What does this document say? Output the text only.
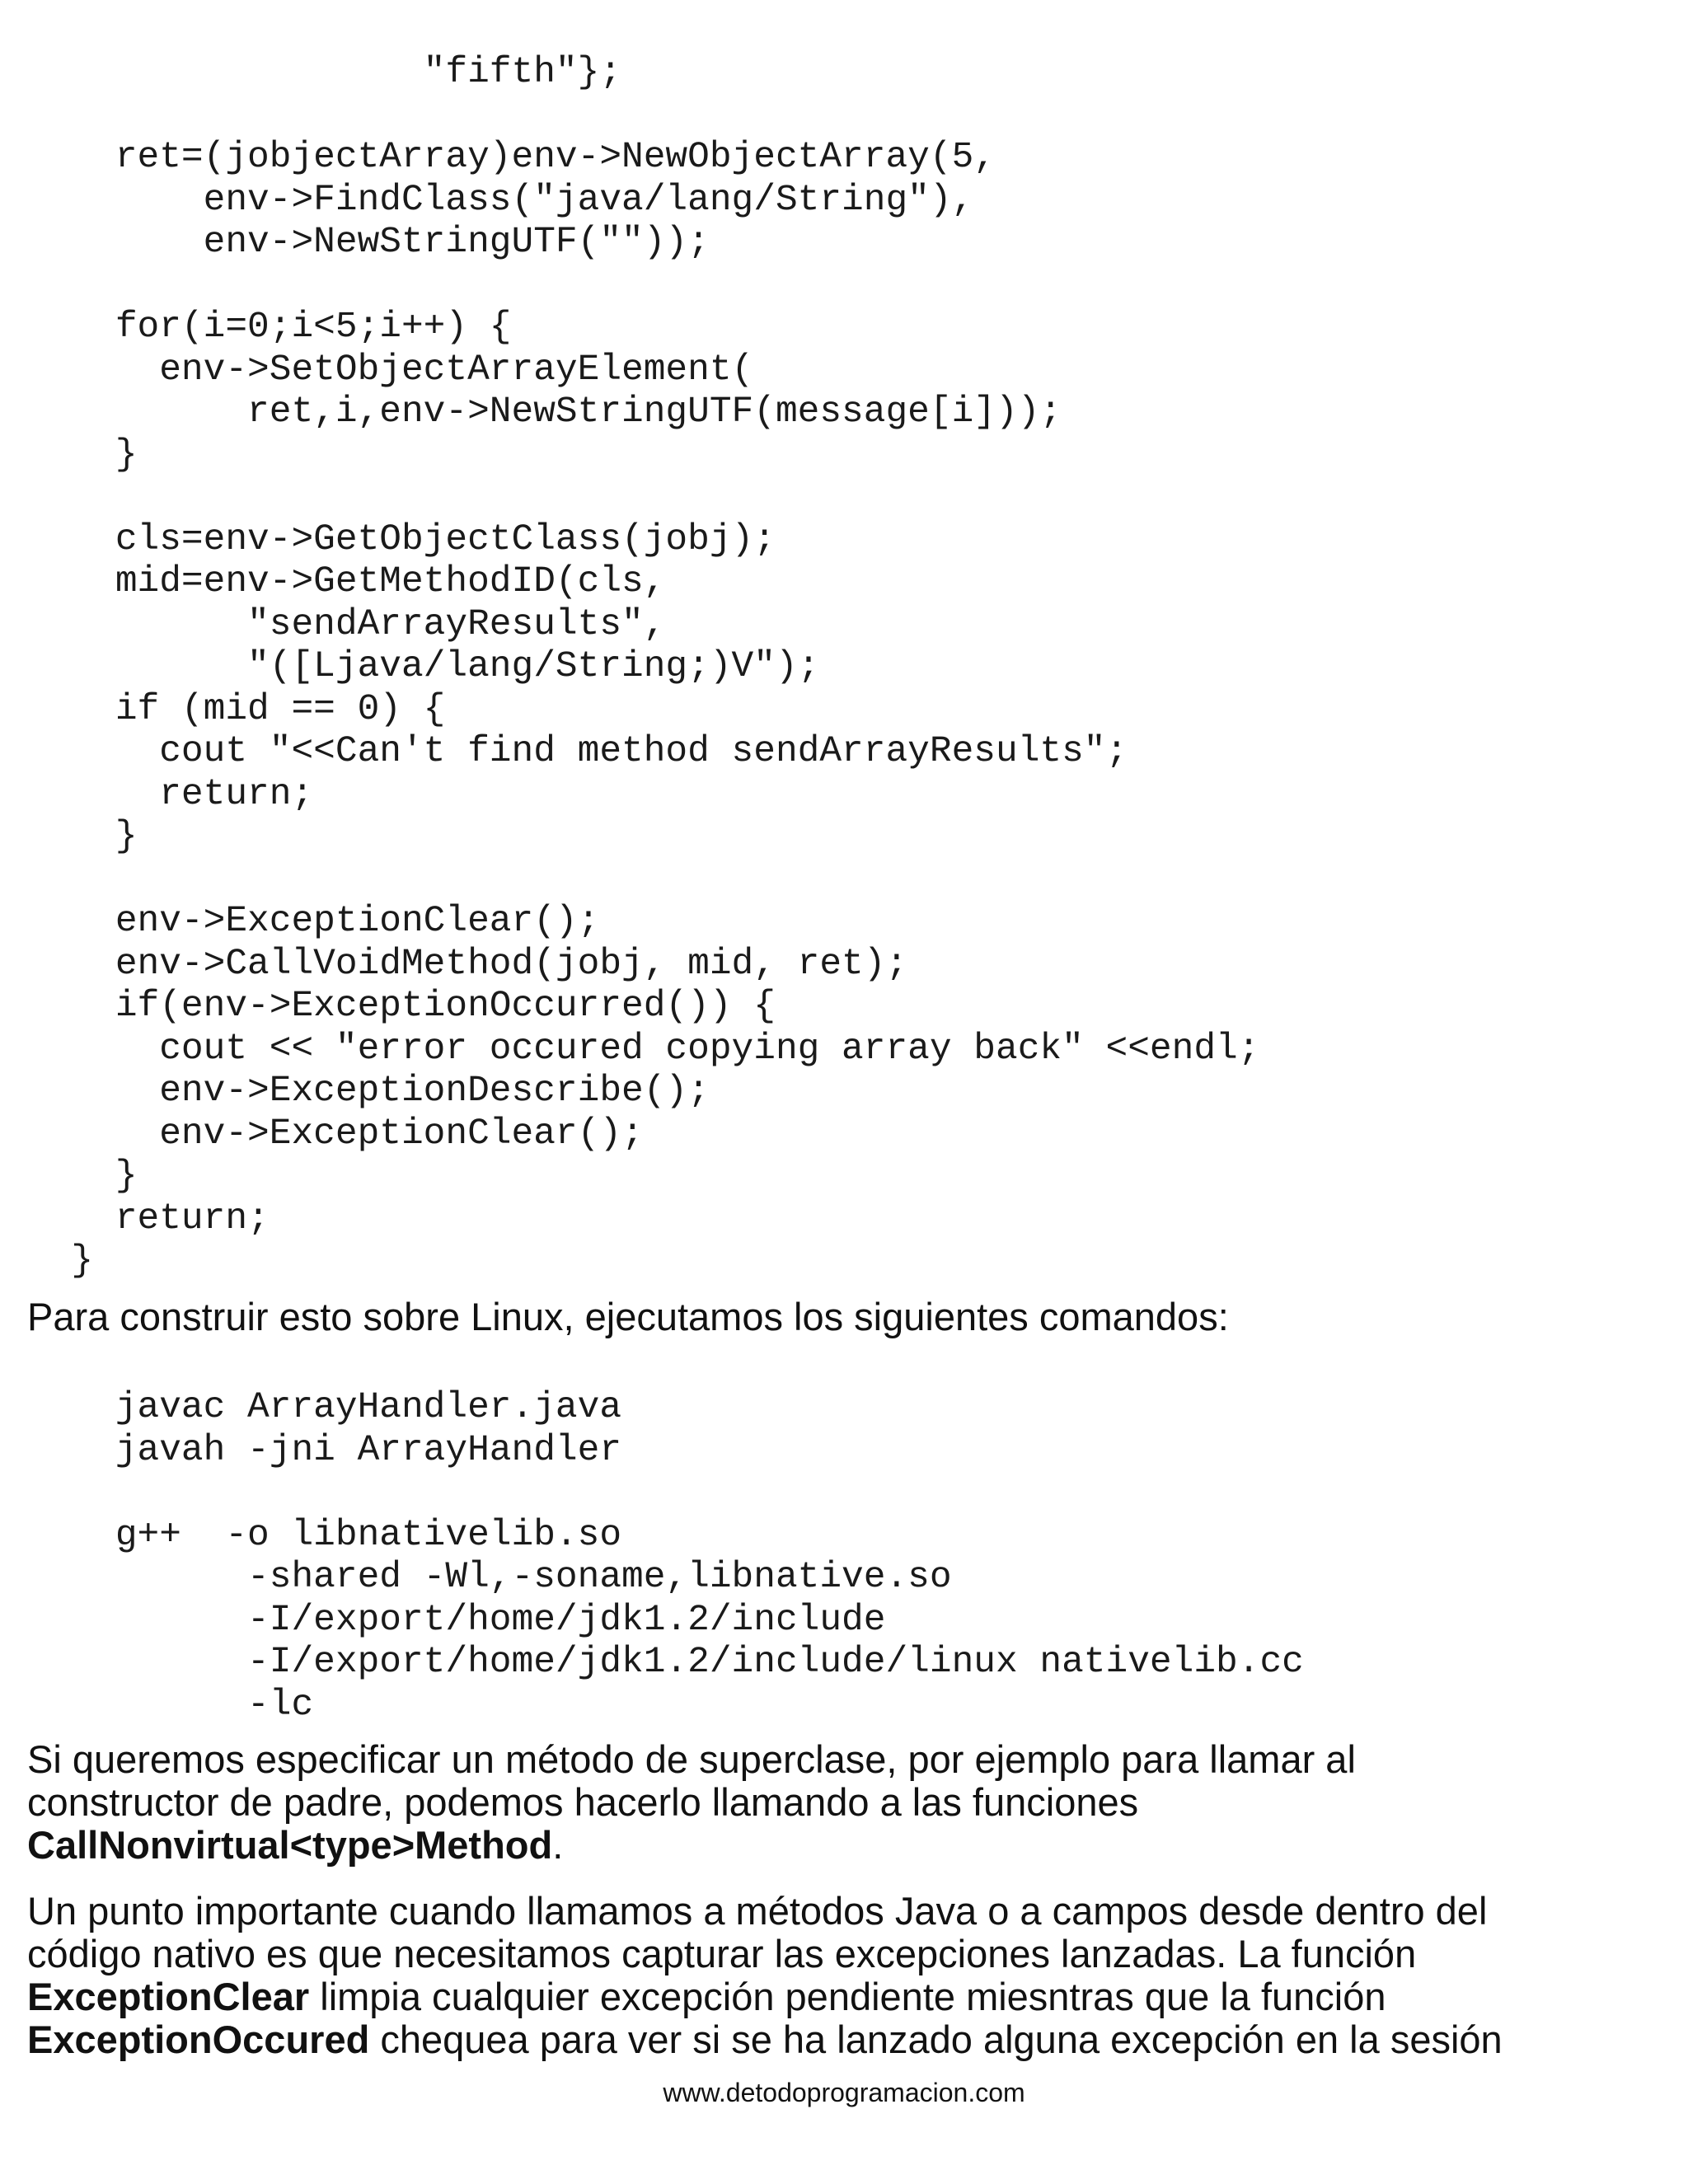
"fifth"};
ret=(jobjectArray)env->NewObjectArray(5,
env->FindClass("java/lang/String"),
env->NewStringUTF(""));
for(i=0;i<5;i++) {
env->SetObjectArrayElement(
ret,i,env->NewStringUTF(message[i]));
}
cls=env->GetObjectClass(jobj);
mid=env->GetMethodID(cls,
"sendArrayResults",
"([Ljava/lang/String;)V");
if (mid == 0) {
cout "<<Can't find method sendArrayResults";
return;
}
env->ExceptionClear();
env->CallVoidMethod(jobj, mid, ret);
if(env->ExceptionOccurred()) {
cout << "error occured copying array back" <<endl;
env->ExceptionDescribe();
env->ExceptionClear();
}
return;
}

Para construir esto sobre Linux, ejecutamos los siguientes comandos:

javac ArrayHandler.java
javah -jni ArrayHandler
g++  -o libnativelib.so
-shared -Wl,-soname,libnative.so
-I/export/home/jdk1.2/include
-I/export/home/jdk1.2/include/linux nativelib.cc
-lc

Si queremos especificar un método de superclase, por ejemplo para llamar al
constructor de padre, podemos hacerlo llamando a las funciones
CallNonvirtual<type>Method.

Un punto importante cuando llamamos a métodos Java o a campos desde dentro del
código nativo es que necesitamos capturar las excepciones lanzadas. La función
ExceptionClear limpia cualquier excepción pendiente miesntras que la función
ExceptionOccured chequea para ver si se ha lanzado alguna excepción en la sesión

www.detodoprogramacion.com
